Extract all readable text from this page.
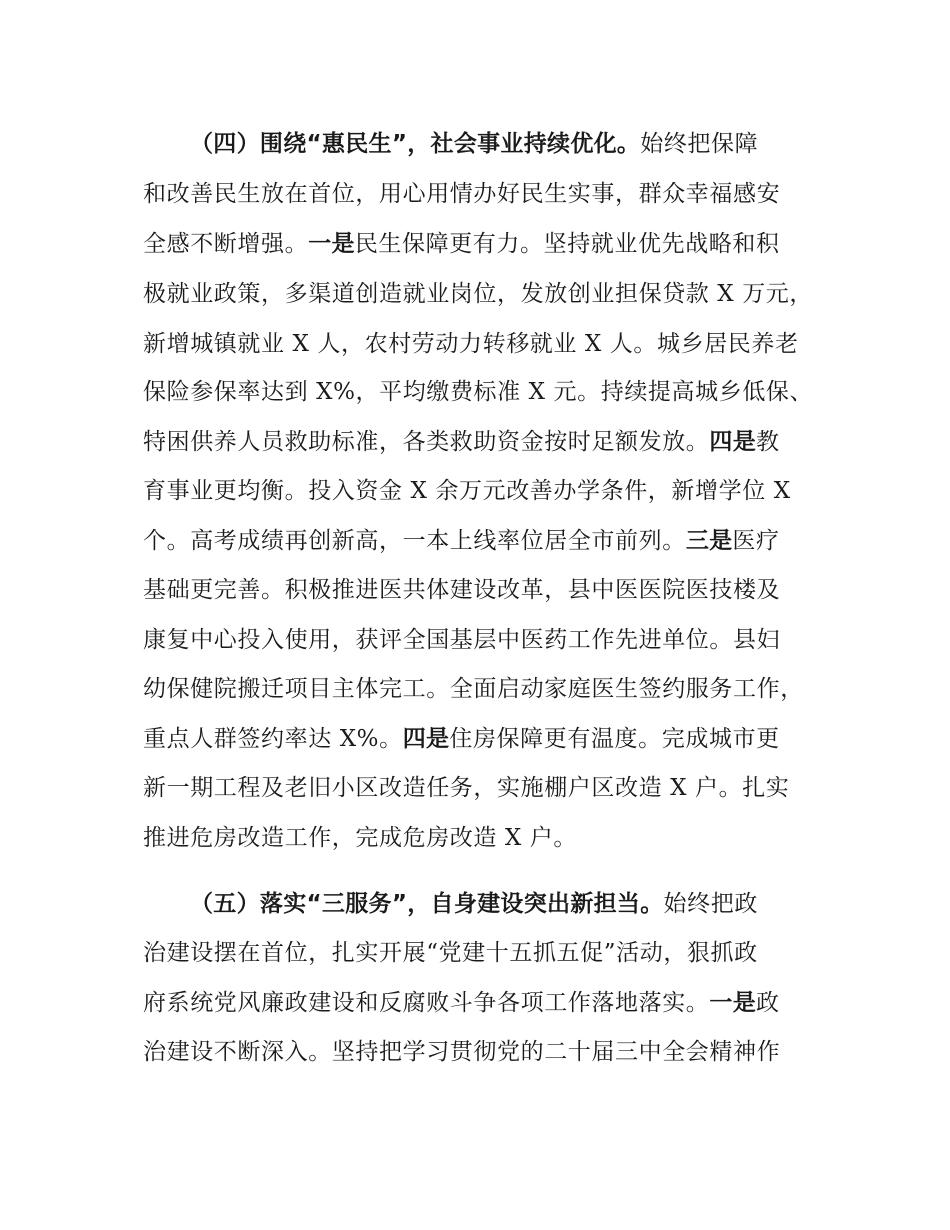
（四）围绕“惠民生”，社会事业持续优化。始终把保障
和改善民生放在首位，用心用情办好民生实事，群众幸福感安
全感不断增强。一是民生保障更有力。坚持就业优先战略和积
极就业政策，多渠道创造就业岗位，发放创业担保贷款 X 万元，
新增城镇就业 X 人，农村劳动力转移就业 X 人。城乡居民养老
保险参保率达到 X%，平均缴费标准 X 元。持续提高城乡低保、
特困供养人员救助标准，各类救助资金按时足额发放。四是教
育事业更均衡。投入资金 X 余万元改善办学条件，新增学位 X
个。高考成绩再创新高，一本上线率位居全市前列。三是医疗
基础更完善。积极推进医共体建设改革，县中医医院医技楼及
康复中心投入使用，获评全国基层中医药工作先进单位。县妇
幼保健院搬迁项目主体完工。全面启动家庭医生签约服务工作，
重点人群签约率达 X%。四是住房保障更有温度。完成城市更
新一期工程及老旧小区改造任务，实施棚户区改造 X 户。扎实
推进危房改造工作，完成危房改造 X 户。
（五）落实“三服务”，自身建设突出新担当。始终把政
治建设摆在首位，扎实开展“党建十五抓五促”活动，狠抓政
府系统党风廉政建设和反腐败斗争各项工作落地落实。一是政
治建设不断深入。坚持把学习贯彻党的二十届三中全会精神作
